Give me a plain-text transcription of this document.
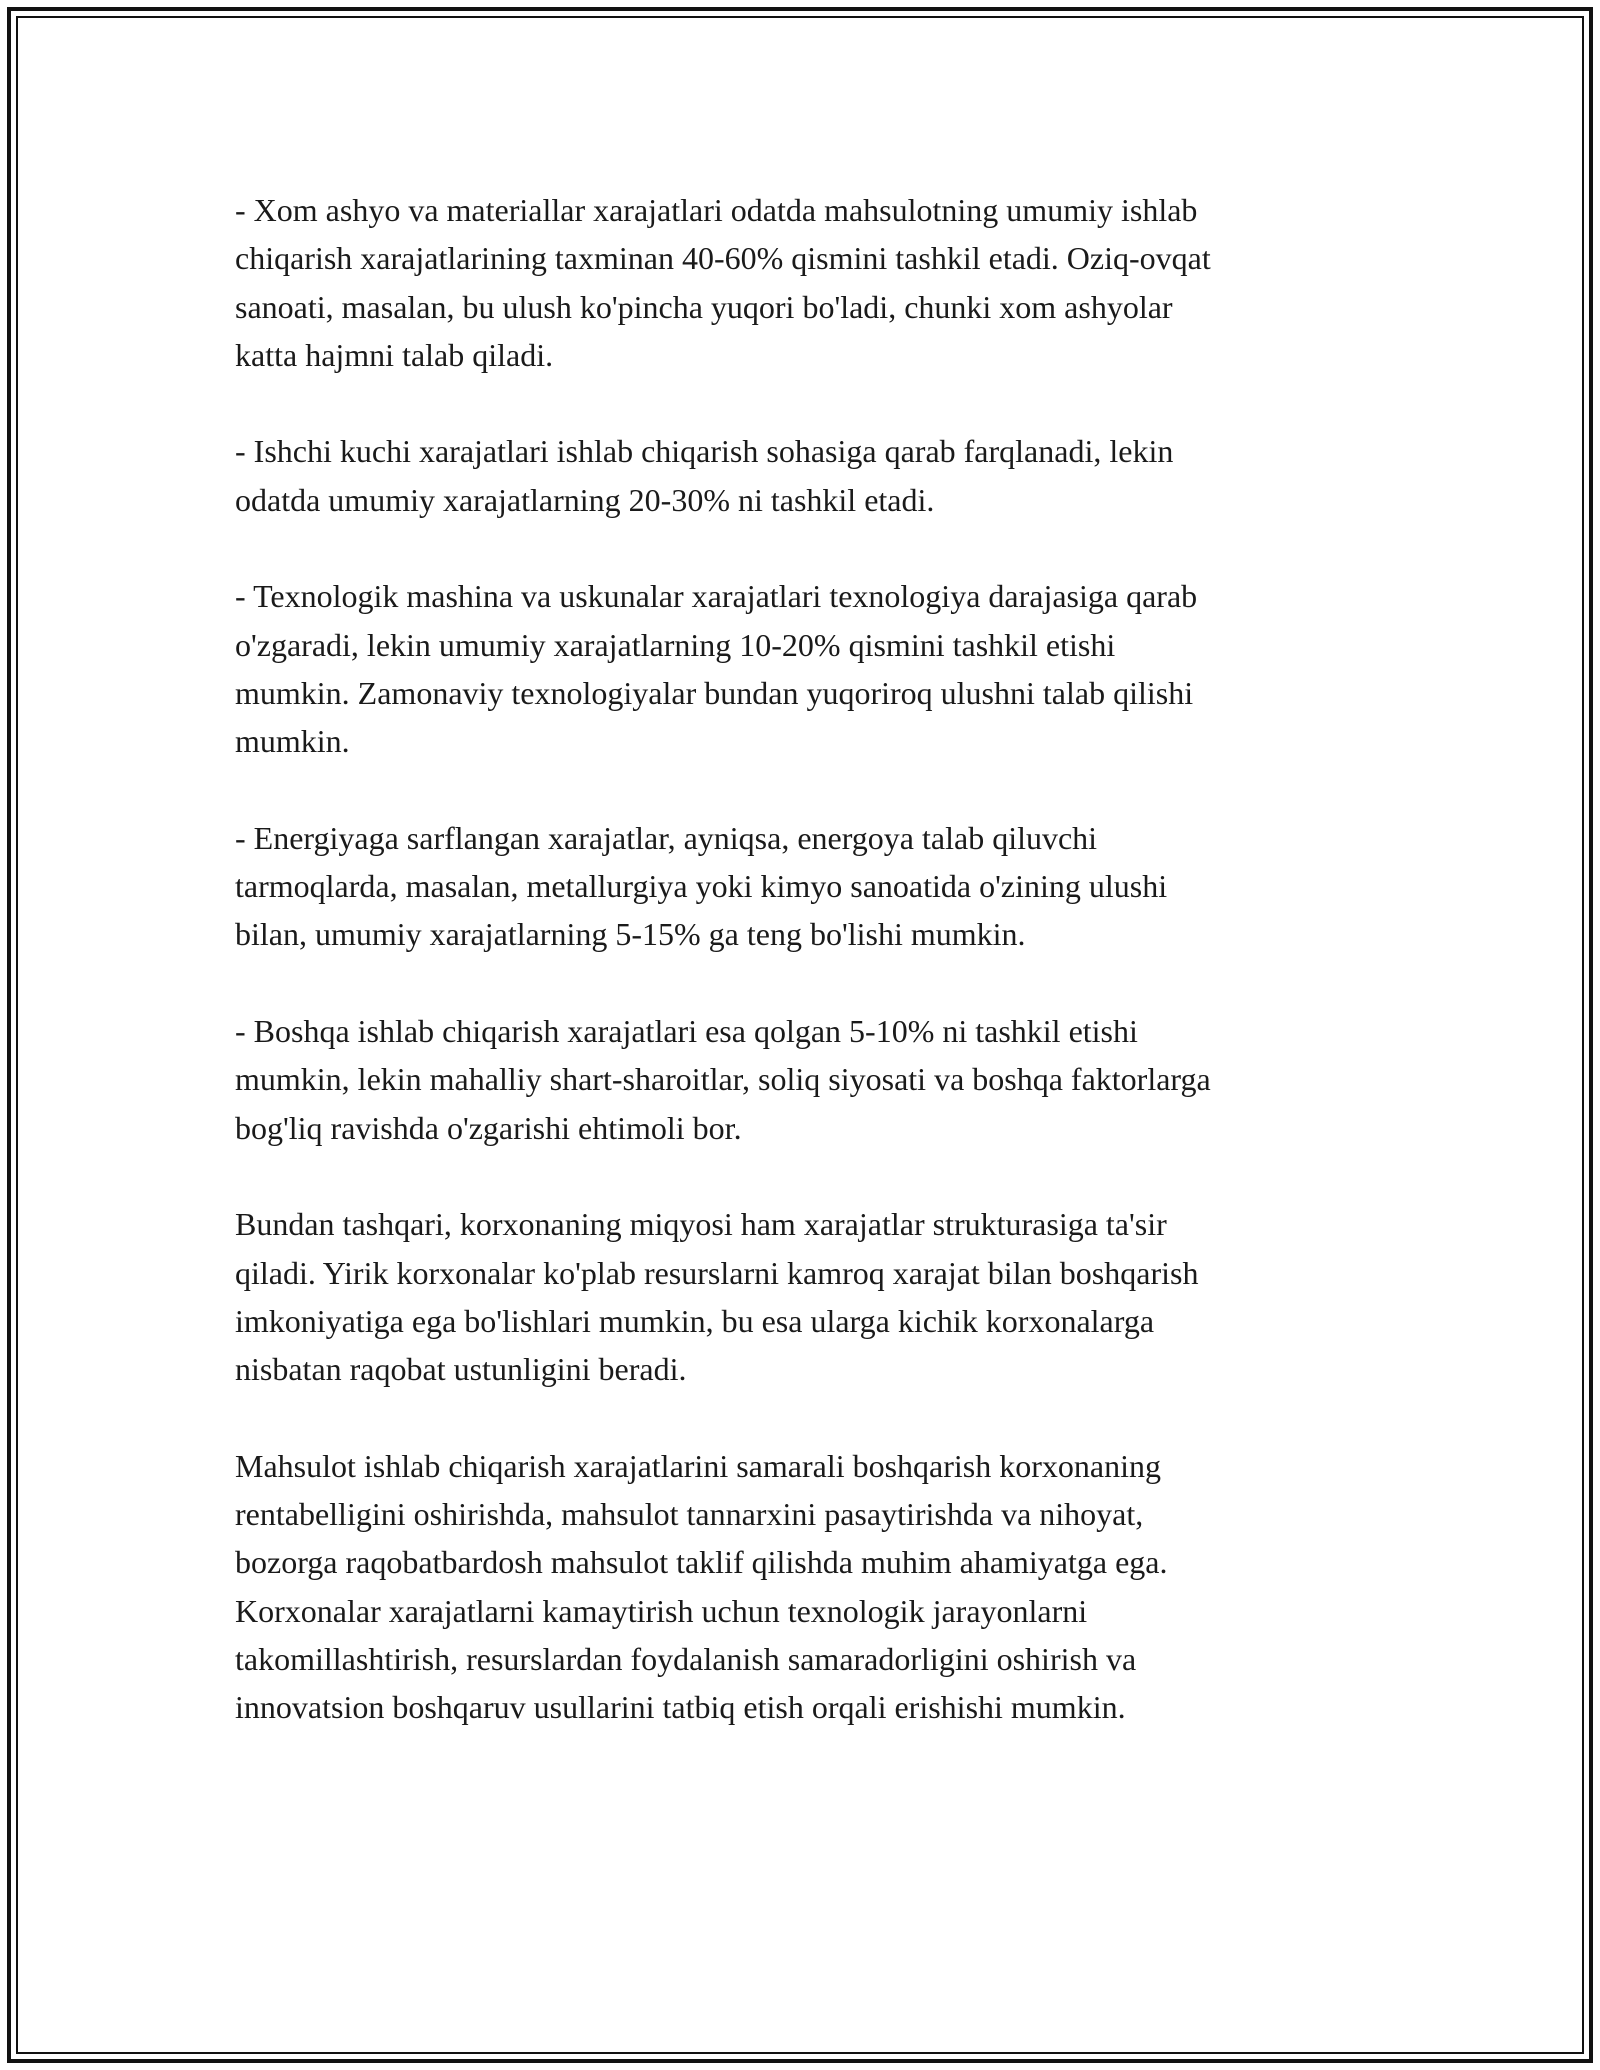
- Xom ashyo va materiallar xarajatlari odatda mahsulotning umumiy ishlab
chiqarish xarajatlarining taxminan 40-60% qismini tashkil etadi. Oziq-ovqat
sanoati, masalan, bu ulush ko'pincha yuqori bo'ladi, chunki xom ashyolar
katta hajmni talab qiladi.

- Ishchi kuchi xarajatlari ishlab chiqarish sohasiga qarab farqlanadi, lekin
odatda umumiy xarajatlarning 20-30% ni tashkil etadi.

- Texnologik mashina va uskunalar xarajatlari texnologiya darajasiga qarab
o'zgaradi, lekin umumiy xarajatlarning 10-20% qismini tashkil etishi
mumkin. Zamonaviy texnologiyalar bundan yuqoriroq ulushni talab qilishi
mumkin.

- Energiyaga sarflangan xarajatlar, ayniqsa, energoya talab qiluvchi
tarmoqlarda, masalan, metallurgiya yoki kimyo sanoatida o'zining ulushi
bilan, umumiy xarajatlarning 5-15% ga teng bo'lishi mumkin.

- Boshqa ishlab chiqarish xarajatlari esa qolgan 5-10% ni tashkil etishi
mumkin, lekin mahalliy shart-sharoitlar, soliq siyosati va boshqa faktorlarga
bog'liq ravishda o'zgarishi ehtimoli bor.

Bundan tashqari, korxonaning miqyosi ham xarajatlar strukturasiga ta'sir
qiladi. Yirik korxonalar ko'plab resurslarni kamroq xarajat bilan boshqarish
imkoniyatiga ega bo'lishlari mumkin, bu esa ularga kichik korxonalarga
nisbatan raqobat ustunligini beradi.

Mahsulot ishlab chiqarish xarajatlarini samarali boshqarish korxonaning
rentabelligini oshirishda, mahsulot tannarxini pasaytirishda va nihoyat,
bozorga raqobatbardosh mahsulot taklif qilishda muhim ahamiyatga ega.
Korxonalar xarajatlarni kamaytirish uchun texnologik jarayonlarni
takomillashtirish, resurslardan foydalanish samaradorligini oshirish va
innovatsion boshqaruv usullarini tatbiq etish orqali erishishi mumkin.
